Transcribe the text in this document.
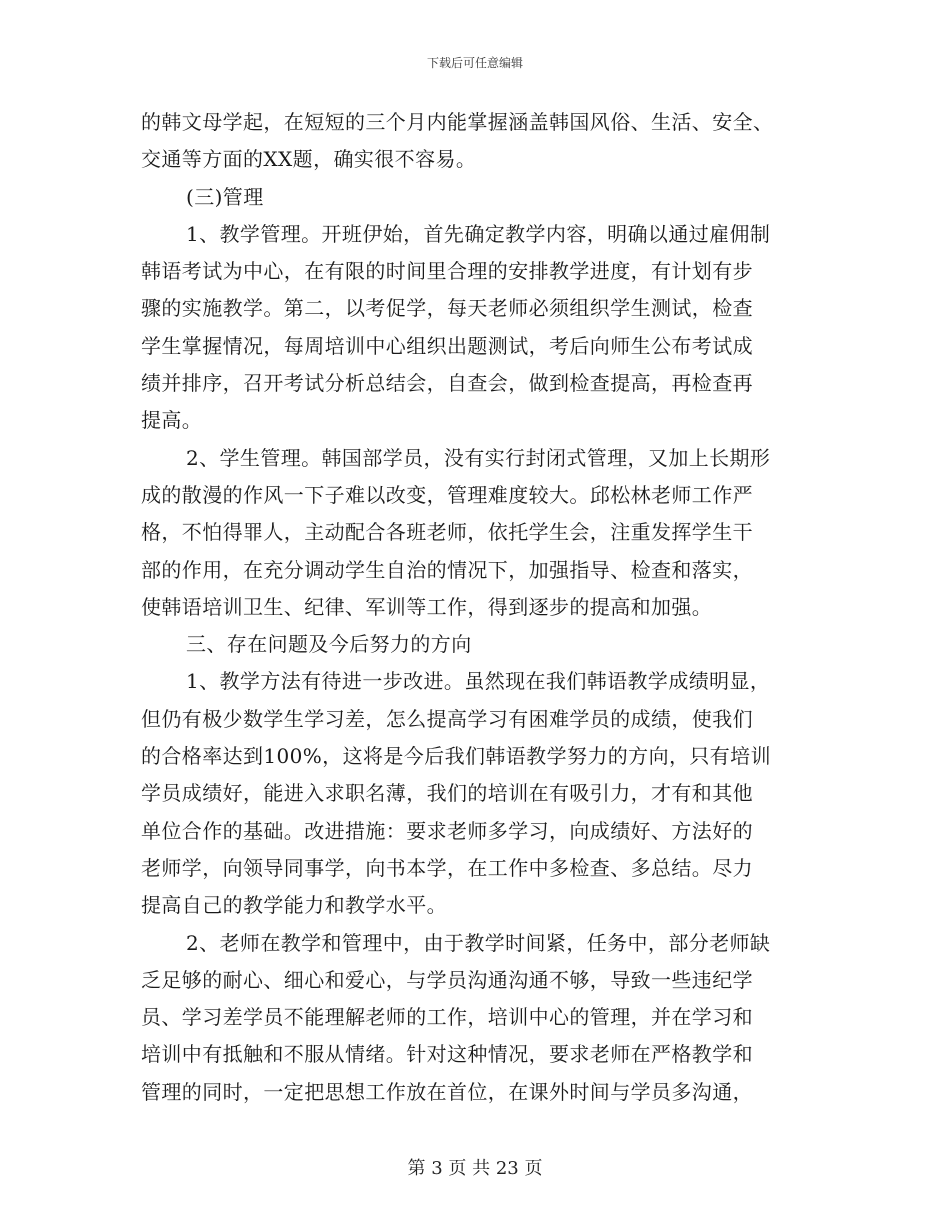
下载后可任意编辑
的韩文母学起，在短短的三个月内能掌握涵盖韩国风俗、生活、安全、
交通等方面的XX题，确实很不容易。
(三)管理
1、教学管理。开班伊始，首先确定教学内容，明确以通过雇佣制
韩语考试为中心，在有限的时间里合理的安排教学进度，有计划有步
骤的实施教学。第二，以考促学，每天老师必须组织学生测试，检查
学生掌握情况，每周培训中心组织出题测试，考后向师生公布考试成
绩并排序，召开考试分析总结会，自查会，做到检查提高，再检查再
提高。
2、学生管理。韩国部学员，没有实行封闭式管理，又加上长期形
成的散漫的作风一下子难以改变，管理难度较大。邱松林老师工作严
格，不怕得罪人，主动配合各班老师，依托学生会，注重发挥学生干
部的作用，在充分调动学生自治的情况下，加强指导、检查和落实，
使韩语培训卫生、纪律、军训等工作，得到逐步的提高和加强。
三、存在问题及今后努力的方向
1、教学方法有待进一步改进。虽然现在我们韩语教学成绩明显，
但仍有极少数学生学习差，怎么提高学习有困难学员的成绩，使我们
的合格率达到100%，这将是今后我们韩语教学努力的方向，只有培训
学员成绩好，能进入求职名薄，我们的培训在有吸引力，才有和其他
单位合作的基础。改进措施：要求老师多学习，向成绩好、方法好的
老师学，向领导同事学，向书本学，在工作中多检查、多总结。尽力
提高自己的教学能力和教学水平。
2、老师在教学和管理中，由于教学时间紧，任务中，部分老师缺
乏足够的耐心、细心和爱心，与学员沟通沟通不够，导致一些违纪学
员、学习差学员不能理解老师的工作，培训中心的管理，并在学习和
培训中有抵触和不服从情绪。针对这种情况，要求老师在严格教学和
管理的同时，一定把思想工作放在首位，在课外时间与学员多沟通，
第 3 页 共 23 页
